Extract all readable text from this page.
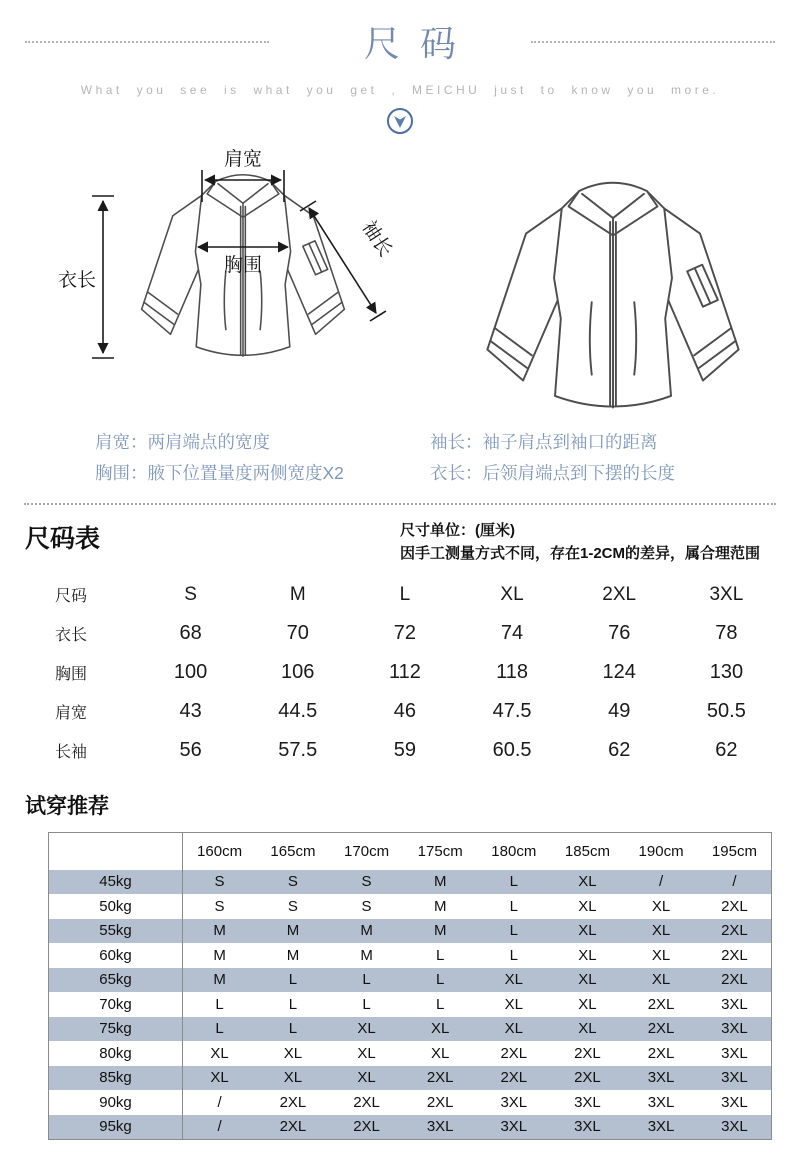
尺码
What you see is what you get , MEICHU just to know you more.
肩宽
衣长
胸围
袖长
肩宽：两肩端点的宽度
胸围：腋下位置量度两侧宽度X2
袖长：袖子肩点到袖口的距离
衣长：后领肩端点到下摆的长度
尺码表	尺寸单位：(厘米)
因手工测量方式不同，存在1-2CM的差异，属合理范围
尺码	S	M	L	XL	2XL	3XL
衣长	68	70	72	74	76	78
胸围	100	106	112	118	124	130
肩宽	43	44.5	46	47.5	49	50.5
长袖	56	57.5	59	60.5	62	62
试穿推荐
	160cm	165cm	170cm	175cm	180cm	185cm	190cm	195cm
45kg	S	S	S	M	L	XL	/	/
50kg	S	S	S	M	L	XL	XL	2XL
55kg	M	M	M	M	L	XL	XL	2XL
60kg	M	M	M	L	L	XL	XL	2XL
65kg	M	L	L	L	XL	XL	XL	2XL
70kg	L	L	L	L	XL	XL	2XL	3XL
75kg	L	L	XL	XL	XL	XL	2XL	3XL
80kg	XL	XL	XL	XL	2XL	2XL	2XL	3XL
85kg	XL	XL	XL	2XL	2XL	2XL	3XL	3XL
90kg	/	2XL	2XL	2XL	3XL	3XL	3XL	3XL
95kg	/	2XL	2XL	3XL	3XL	3XL	3XL	3XL
